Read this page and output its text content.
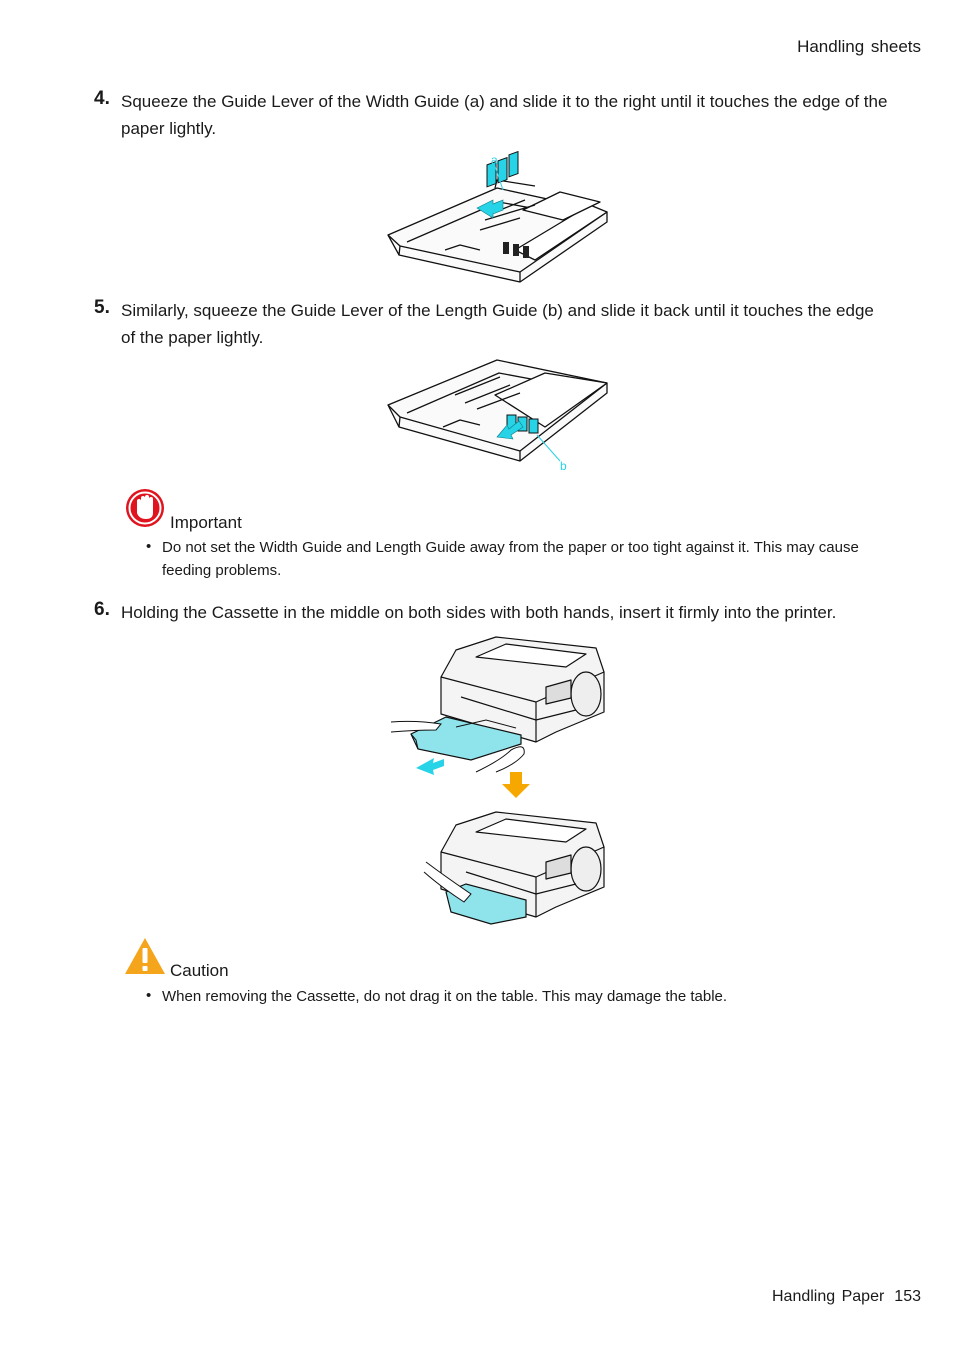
Handling sheets
4. Squeeze the Guide Lever of the Width Guide (a) and slide it to the right until it touches the edge of the paper lightly.
a
5. Similarly, squeeze the Guide Lever of the Length Guide (b) and slide it back until it touches the edge of the paper lightly.
b
Important
• Do not set the Width Guide and Length Guide away from the paper or too tight against it. This may cause feeding problems.
6. Holding the Cassette in the middle on both sides with both hands, insert it firmly into the printer.
Caution
• When removing the Cassette, do not drag it on the table. This may damage the table.
Handling Paper 153
